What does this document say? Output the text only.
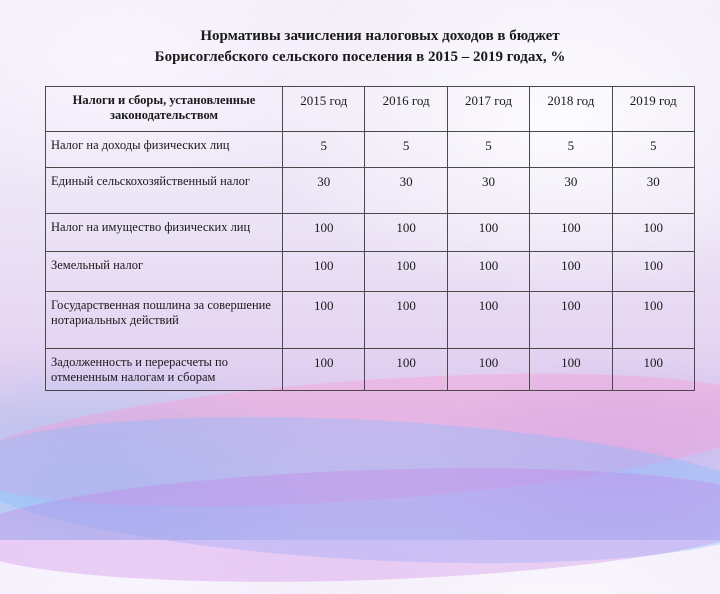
Нормативы зачисления налоговых доходов в бюджет
Борисоглебского сельского поселения в 2015 – 2019 годах, %
Налоги и сборы, установленные законодательством	2015 год	2016 год	2017 год	2018 год	2019 год
Налог на доходы физических лиц	5	5	5	5	5
Единый сельскохозяйственный налог	30	30	30	30	30
Налог на имущество физических лиц	100	100	100	100	100
Земельный налог	100	100	100	100	100
Государственная пошлина за совершение нотариальных действий	100	100	100	100	100
Задолженность и перерасчеты по отмененным налогам и сборам	100	100	100	100	100
